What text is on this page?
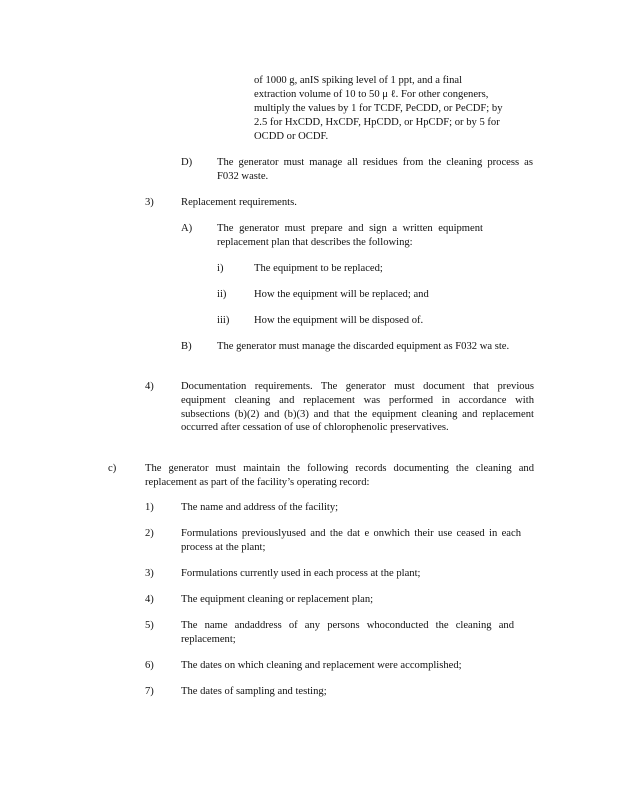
of 1000 g, anIS spiking level of 1 ppt, and a final
extraction volume of 10 to 50 μ ℓ. For other congeners,
multiply the values by 1 for TCDF, PeCDD, or PeCDF; by
2.5 for HxCDD, HxCDF, HpCDD, or HpCDF; or by 5 for
OCDD or OCDF.
D) The generator must manage all residues from the cleaning process as F032 waste.

3)	Replacement requirements.

A) The generator must prepare and sign a written equipment replacement plan that describes the following:

i)	The equipment to be replaced;

ii)	How the equipment will be replaced; and

iii) How the equipment will be disposed of.

B) The generator must manage the discarded equipment as F032 wa ste.

4)	Documentation requirements. The generator must document that previous equipment cleaning and replacement was performed in accordance with subsections (b)(2) and (b)(3) and that the equipment cleaning and replacement occurred after cessation of use of chlorophenolic preservatives.

c)	The generator must maintain the following records documenting the cleaning and replacement as part of the facility’s operating record:

1)	The name and address of the facility;

2)	Formulations previouslyused and the dat e onwhich their use ceased in each process at the plant;

3)	Formulations currently used in each process at the plant;

4)	The equipment cleaning or replacement plan;

5)	The name andaddress of any persons whoconducted the cleaning and replacement;

6)	The dates on which cleaning and replacement were accomplished;

7)	The dates of sampling and testing;
